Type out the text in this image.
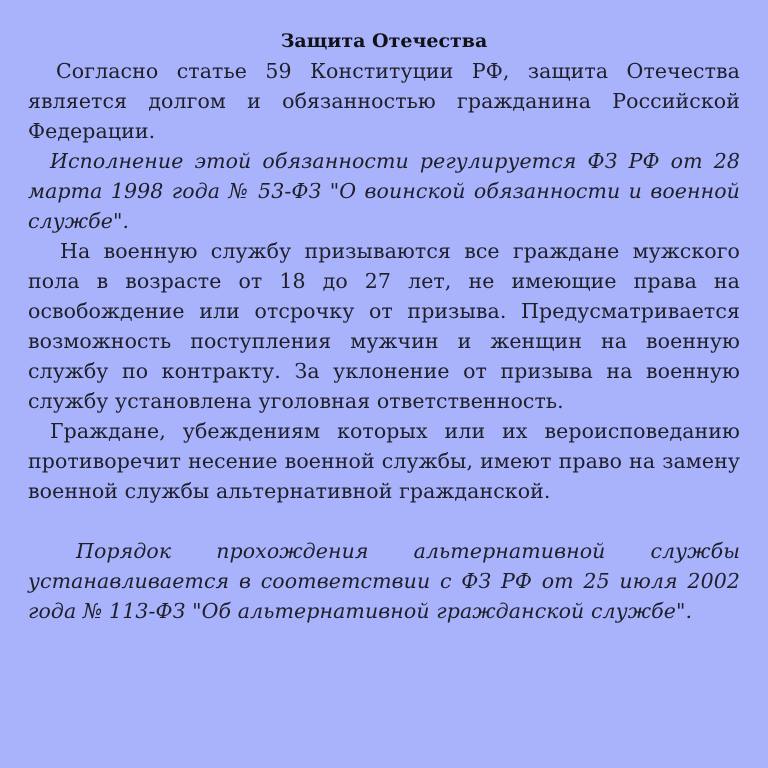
Защита Отечества

Согласно статье 59 Конституции РФ, защита Отечества является долгом и обязанностью гражданина Российской Федерации.

Исполнение этой обязанности регулируется ФЗ РФ от 28 марта 1998 года № 53-ФЗ "О воинской обязанности и военной службе".

На военную службу призываются все граждане мужского пола в возрасте от 18 до 27 лет, не имеющие права на освобождение или отсрочку от призыва. Предусматривается возможность поступления мужчин и женщин на военную службу по контракту. За уклонение от призыва на военную службу установлена уголовная ответственность.

Граждане, убеждениям которых или их вероисповеданию противоречит несение военной службы, имеют право на замену военной службы альтернативной гражданской.

Порядок прохождения альтернативной службы устанавливается в соответствии с ФЗ РФ от 25 июля 2002 года № 113-ФЗ "Об альтернативной гражданской службе".
